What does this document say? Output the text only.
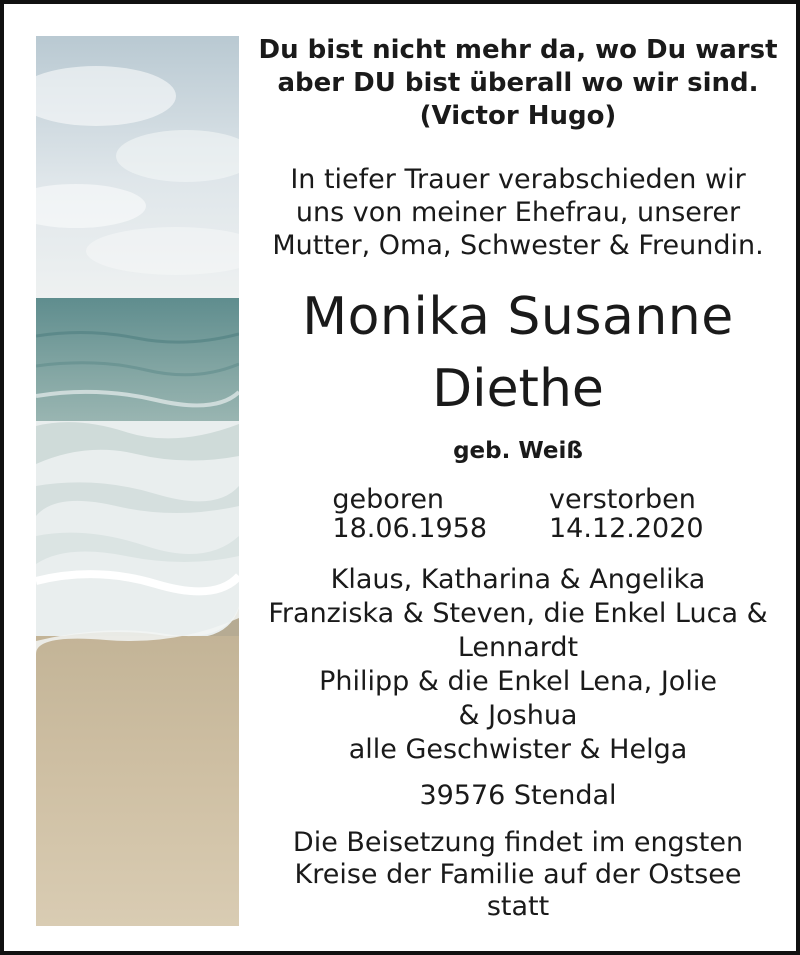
Du bist nicht mehr da, wo Du warst
aber DU bist überall wo wir sind.
(Victor Hugo)
In tiefer Trauer verabschieden wir
uns von meiner Ehefrau, unserer
Mutter, Oma, Schwester & Freundin.
Monika Susanne
Diethe
geb. Weiß
geboren
18.06.1958
verstorben
14.12.2020
Klaus, Katharina & Angelika
Franziska & Steven, die Enkel Luca &
Lennardt
Philipp & die Enkel Lena, Jolie
& Joshua
alle Geschwister & Helga
39576 Stendal
Die Beisetzung findet im engsten
Kreise der Familie auf der Ostsee
statt
